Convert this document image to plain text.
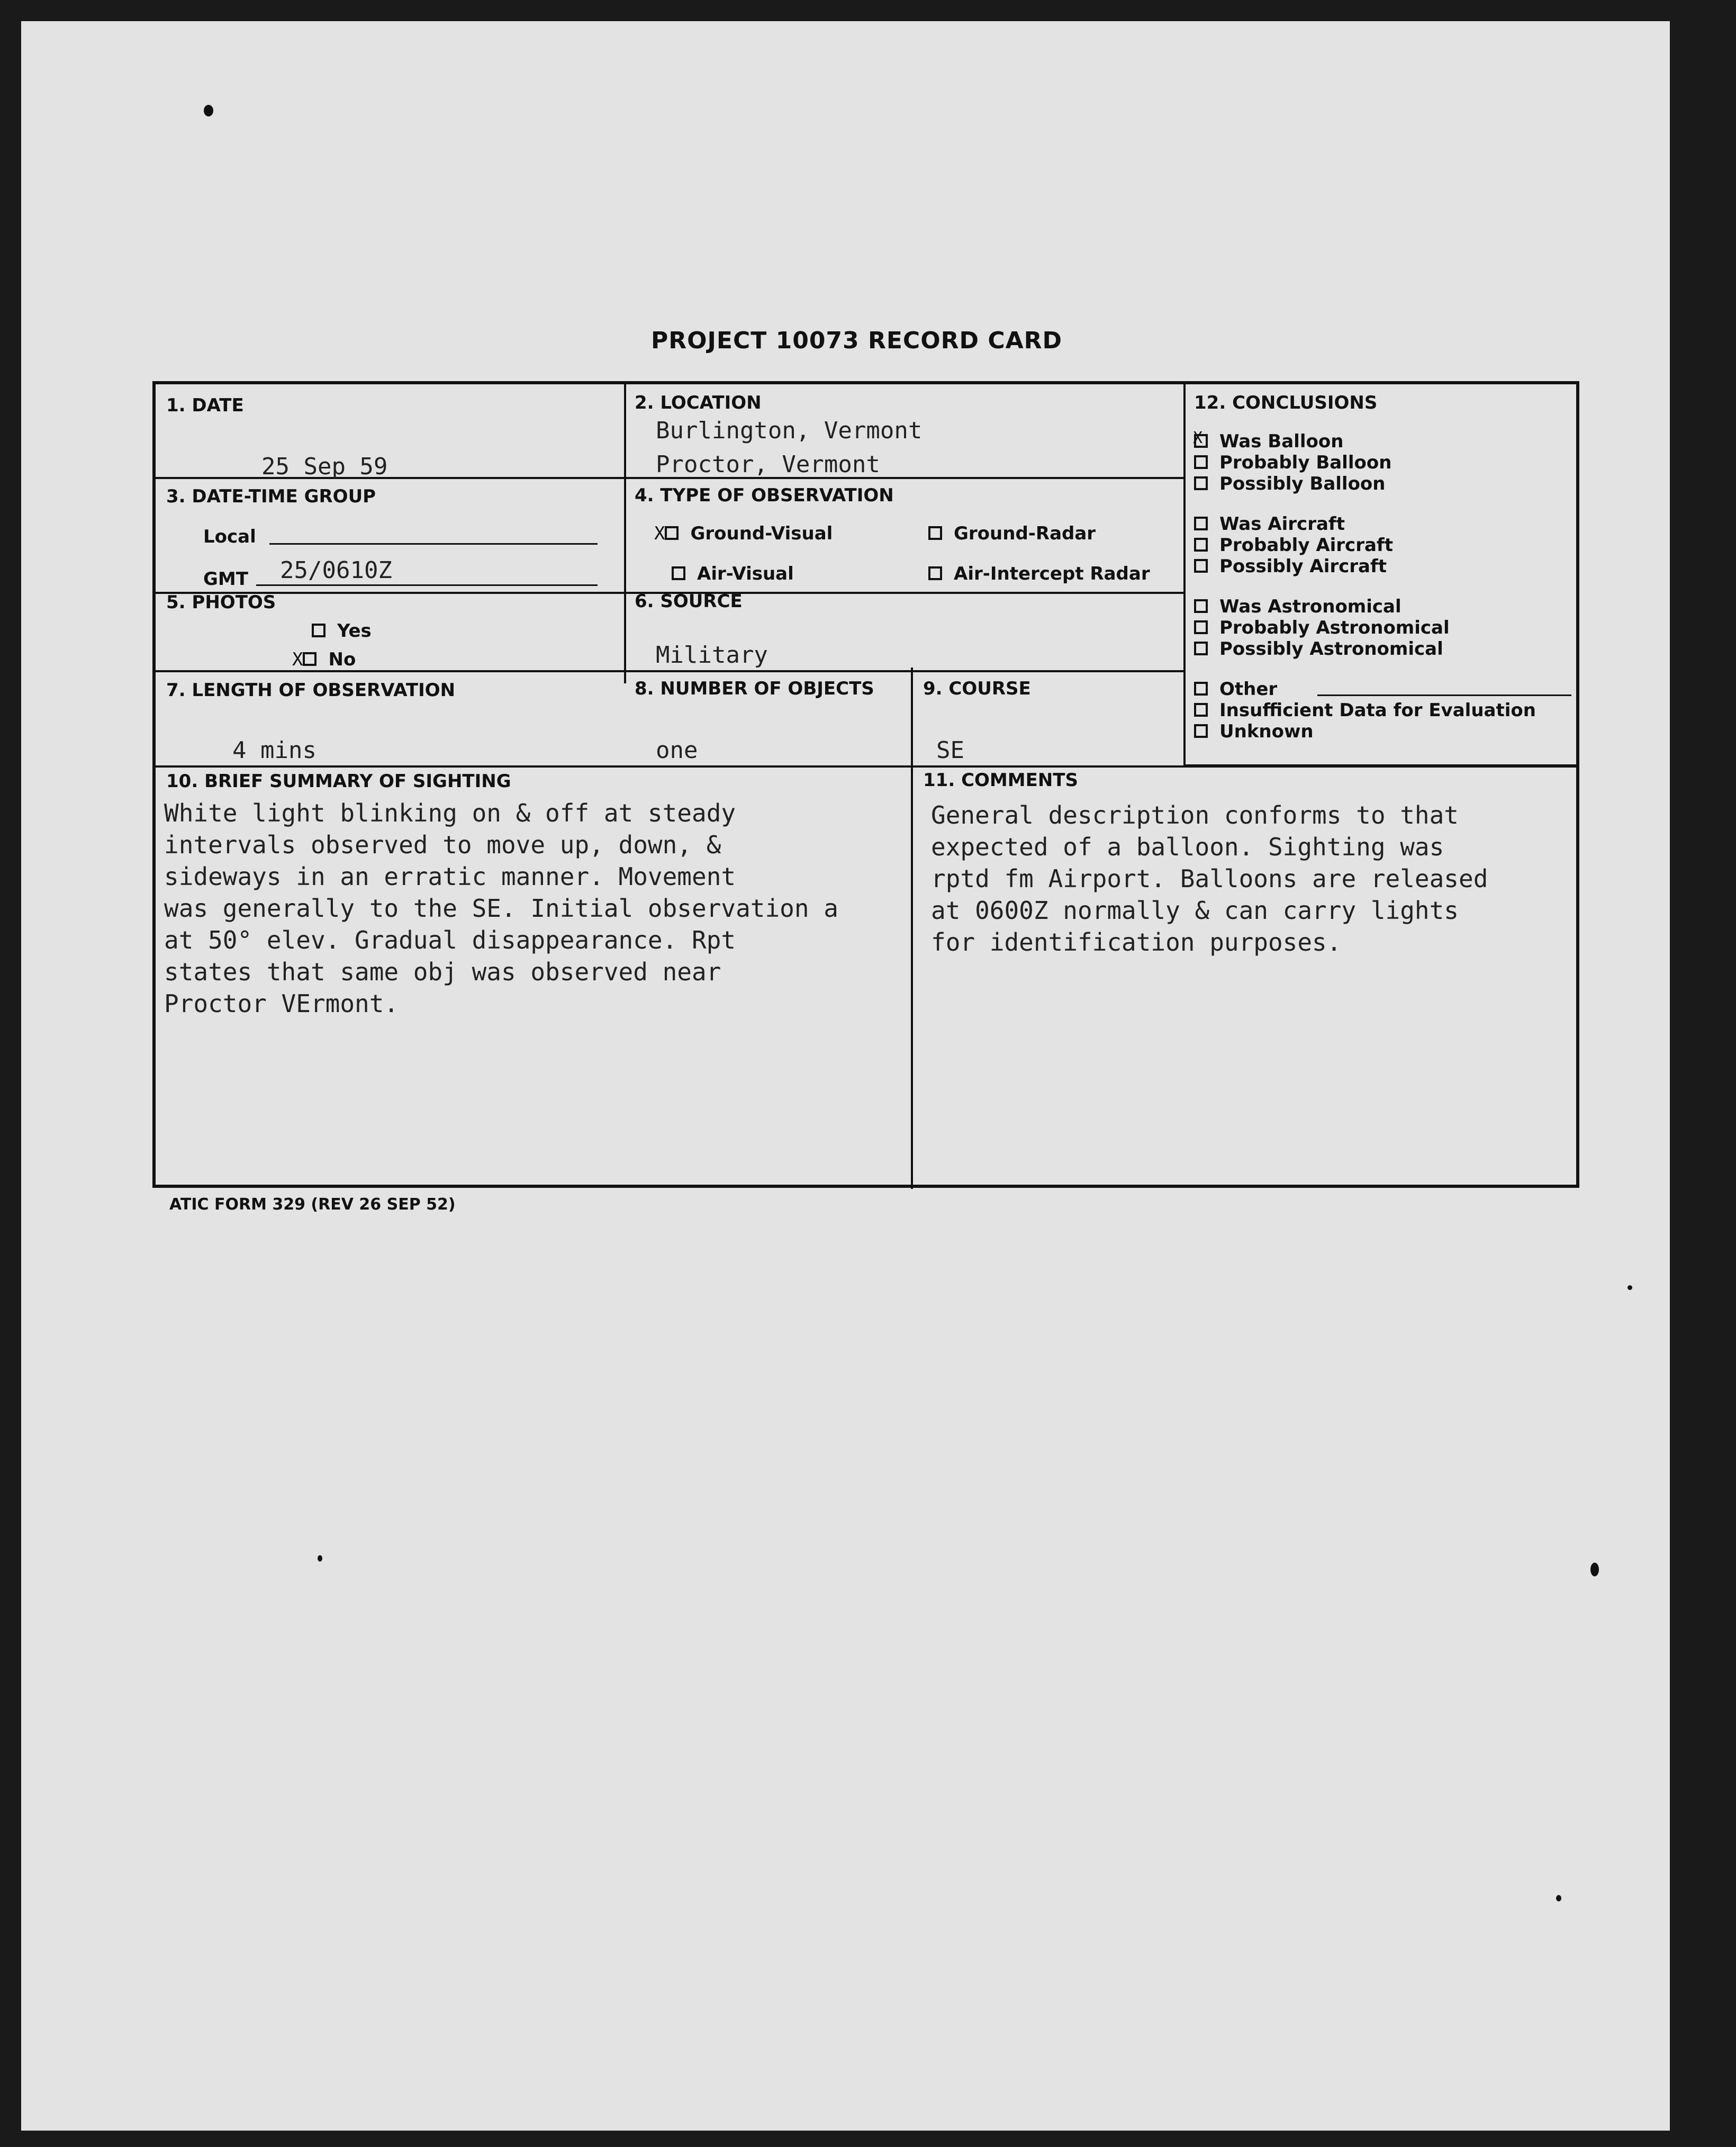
PROJECT 10073 RECORD CARD
1. DATE
25 Sep 59
2. LOCATION
Burlington, Vermont
Proctor, Vermont
3. DATE-TIME GROUP
Local
GMT 25/0610Z
4. TYPE OF OBSERVATION
X Ground-Visual	Ground-Radar
Air-Visual	Air-Intercept Radar
5. PHOTOS
Yes
X No
6. SOURCE
Military
7. LENGTH OF OBSERVATION
4 mins
8. NUMBER OF OBJECTS
one
9. COURSE
SE
12. CONCLUSIONS
X Was Balloon
Probably Balloon
Possibly Balloon
Was Aircraft
Probably Aircraft
Possibly Aircraft
Was Astronomical
Probably Astronomical
Possibly Astronomical
Other
Insufficient Data for Evaluation
Unknown
10. BRIEF SUMMARY OF SIGHTING
White light blinking on & off at steady
intervals observed to move up, down, &
sideways in an erratic manner. Movement
was generally to the SE. Initial observation a
at 50° elev. Gradual disappearance. Rpt
states that same obj was observed near
Proctor VErmont.
11. COMMENTS
General description conforms to that
expected of a balloon. Sighting was
rptd fm Airport. Balloons are released
at 0600Z normally & can carry lights
for identification purposes.
ATIC FORM 329 (REV 26 SEP 52)
